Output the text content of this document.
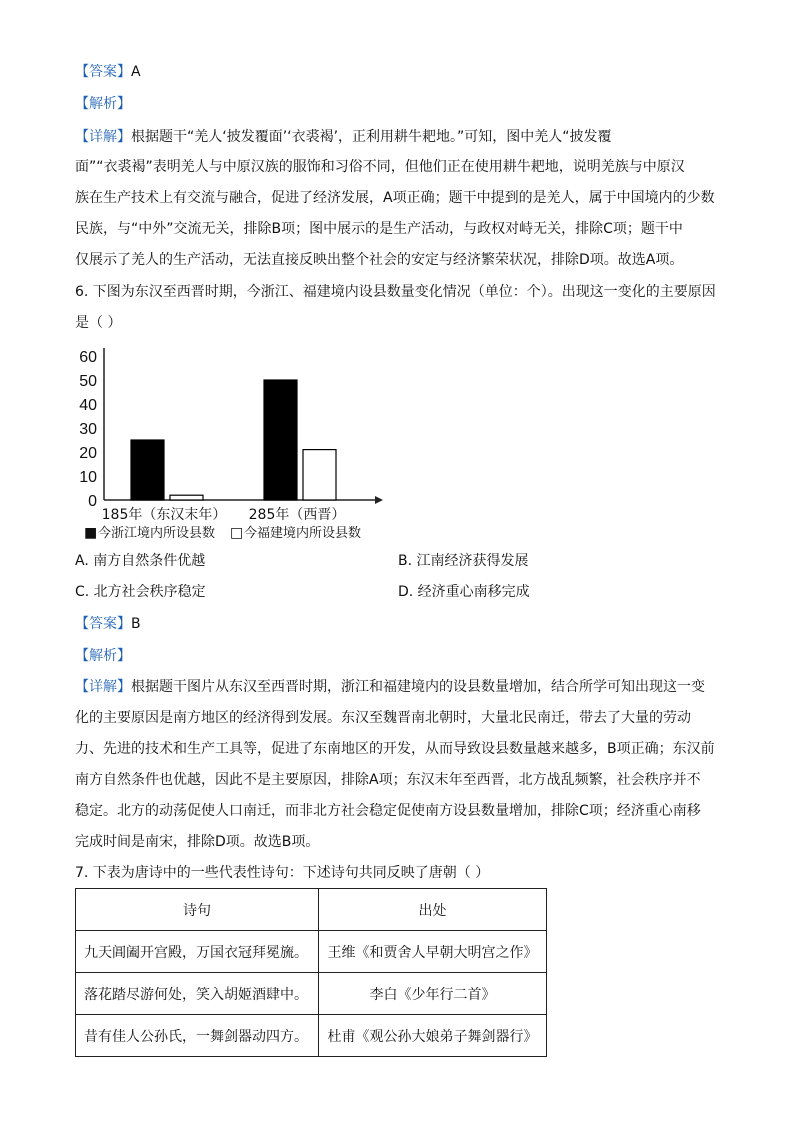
【答案】A
【解析】
【详解】根据题干“羌人‘披发覆面’‘衣裘褐’，正利用耕牛耙地。”可知，图中羌人“披发覆
面”“衣裘褐”表明羌人与中原汉族的服饰和习俗不同，但他们正在使用耕牛耙地，说明羌族与中原汉
族在生产技术上有交流与融合，促进了经济发展，A项正确；题干中提到的是羌人，属于中国境内的少数
民族，与“中外”交流无关，排除B项；图中展示的是生产活动，与政权对峙无关，排除C项；题干中
仅展示了羌人的生产活动，无法直接反映出整个社会的安定与经济繁荣状况，排除D项。故选A项。
6. 下图为东汉至西晋时期，今浙江、福建境内设县数量变化情况（单位：个）。出现这一变化的主要原因
是（ ）
0
10
20
30
40
50
60
185年（东汉末年） 285年（西晋）
■ 今浙江境内所设县数 □ 今福建境内所设县数
A. 南方自然条件优越	B. 江南经济获得发展
C. 北方社会秩序稳定	D. 经济重心南移完成
【答案】B
【解析】
【详解】根据题干图片从东汉至西晋时期，浙江和福建境内的设县数量增加，结合所学可知出现这一变
化的主要原因是南方地区的经济得到发展。东汉至魏晋南北朝时，大量北民南迁，带去了大量的劳动
力、先进的技术和生产工具等，促进了东南地区的开发，从而导致设县数量越来越多，B项正确；东汉前
南方自然条件也优越，因此不是主要原因，排除A项；东汉末年至西晋，北方战乱频繁，社会秩序并不
稳定。北方的动荡促使人口南迁，而非北方社会稳定促使南方设县数量增加，排除C项；经济重心南移
完成时间是南宋，排除D项。故选B项。
7. 下表为唐诗中的一些代表性诗句：下述诗句共同反映了唐朝（ ）
诗句	出处
九天阊阖开宫殿，万国衣冠拜冕旒。	王维《和贾舍人早朝大明宫之作》
落花踏尽游何处，笑入胡姬酒肆中。	李白《少年行二首》
昔有佳人公孙氏，一舞剑器动四方。	杜甫《观公孙大娘弟子舞剑器行》
